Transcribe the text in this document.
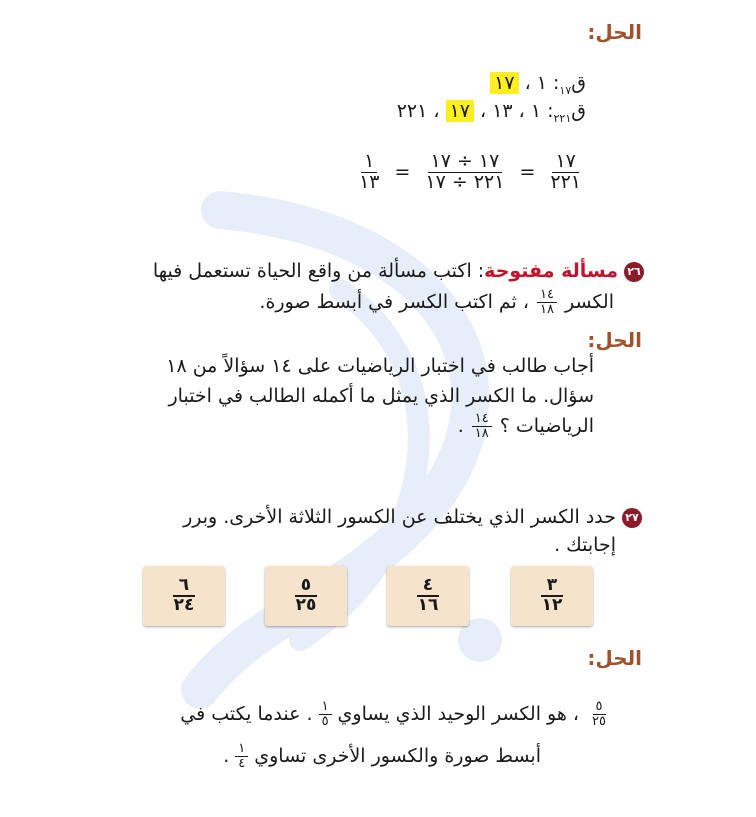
الحل:
ق$_{١٧}$: ١ ، ١٧
ق$_{٢٢١}$: ١ ، ١٣ ، ١٧ ، ٢٢١
$\frac{١}{١٣} = \frac{١٧ \div ١٧}{٢٢١ \div ١٧} = \frac{١٧}{٢٢١}$
٢٦مسألة مفتوحة: اكتب مسألة من واقع الحياة تستعمل فيها
الكسر
$\frac{١٤}{١٨}$
، ثم اكتب الكسر في أبسط صورة.
الحل:
أجاب طالب في اختبار الرياضيات على ١٤ سؤالاً من ١٨
سؤال. ما الكسر الذي يمثل ما أكمله الطالب في اختبار
الرياضيات ؟
$\frac{١٤}{١٨}$
.
٢٧حدد الكسر الذي يختلف عن الكسور الثلاثة الأخرى. وبرر
إجابتك .
$\frac{٣}{١٢}$
$\frac{٤}{١٦}$
$\frac{٥}{٢٥}$
$\frac{٦}{٢٤}$
الحل:
$\frac{٥}{٢٥}$
، هو الكسر الوحيد الذي يساوي
$\frac{١}{٥}$
. عندما يكتب في
أبسط صورة والكسور الأخرى تساوي
$\frac{١}{٤}$
.
